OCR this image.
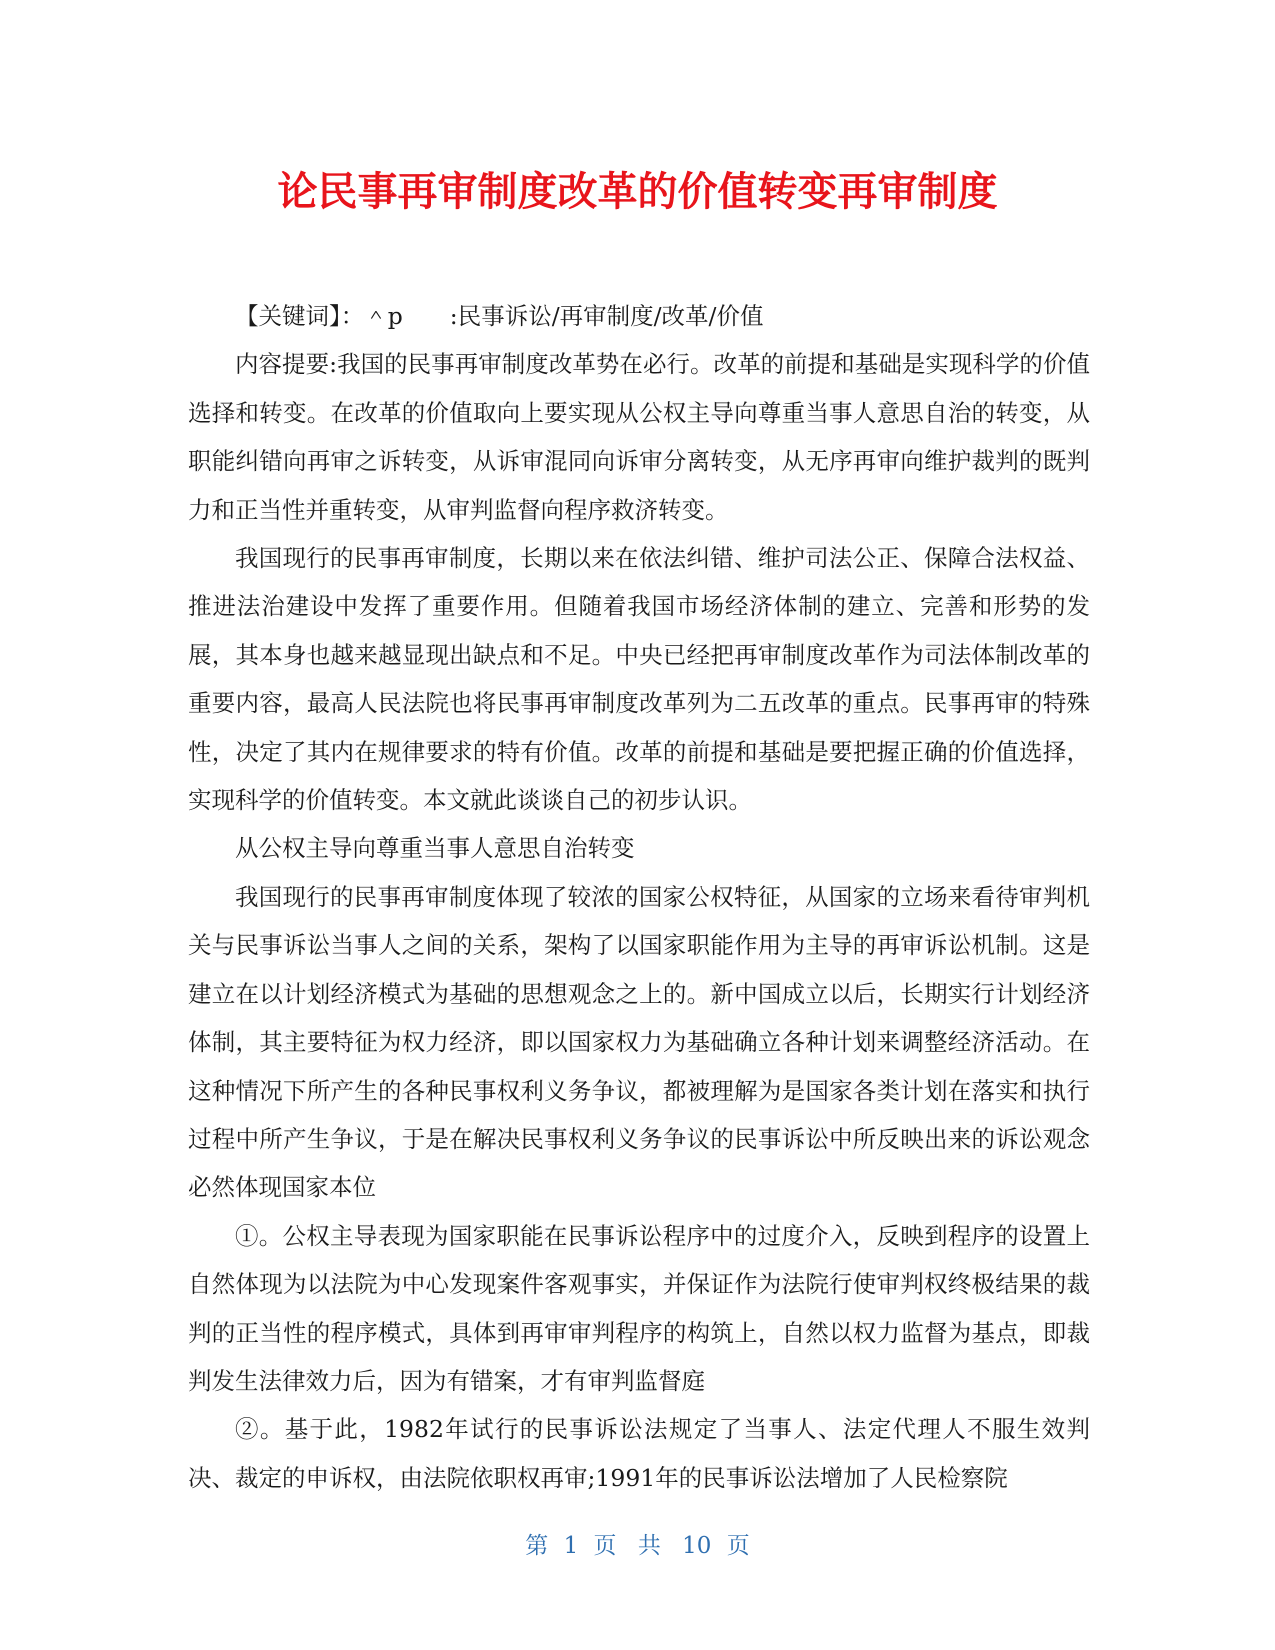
论民事再审制度改革的价值转变再审制度

【关键词】：＾p　　:民事诉讼/再审制度/改革/价值

内容提要:我国的民事再审制度改革势在必行。改革的前提和基础是实现科学的价值选择和转变。在改革的价值取向上要实现从公权主导向尊重当事人意思自治的转变，从职能纠错向再审之诉转变，从诉审混同向诉审分离转变，从无序再审向维护裁判的既判力和正当性并重转变，从审判监督向程序救济转变。

我国现行的民事再审制度，长期以来在依法纠错、维护司法公正、保障合法权益、推进法治建设中发挥了重要作用。但随着我国市场经济体制的建立、完善和形势的发展，其本身也越来越显现出缺点和不足。中央已经把再审制度改革作为司法体制改革的重要内容，最高人民法院也将民事再审制度改革列为二五改革的重点。民事再审的特殊性，决定了其内在规律要求的特有价值。改革的前提和基础是要把握正确的价值选择，实现科学的价值转变。本文就此谈谈自己的初步认识。

从公权主导向尊重当事人意思自治转变

我国现行的民事再审制度体现了较浓的国家公权特征，从国家的立场来看待审判机关与民事诉讼当事人之间的关系，架构了以国家职能作用为主导的再审诉讼机制。这是建立在以计划经济模式为基础的思想观念之上的。新中国成立以后，长期实行计划经济体制，其主要特征为权力经济，即以国家权力为基础确立各种计划来调整经济活动。在这种情况下所产生的各种民事权利义务争议，都被理解为是国家各类计划在落实和执行过程中所产生争议，于是在解决民事权利义务争议的民事诉讼中所反映出来的诉讼观念必然体现国家本位

①。公权主导表现为国家职能在民事诉讼程序中的过度介入，反映到程序的设置上自然体现为以法院为中心发现案件客观事实，并保证作为法院行使审判权终极结果的裁判的正当性的程序模式，具体到再审审判程序的构筑上，自然以权力监督为基点，即裁判发生法律效力后，因为有错案，才有审判监督庭

②。基于此，1982年试行的民事诉讼法规定了当事人、法定代理人不服生效判决、裁定的申诉权，由法院依职权再审;1991年的民事诉讼法增加了人民检察院

第 1 页 共 10 页
